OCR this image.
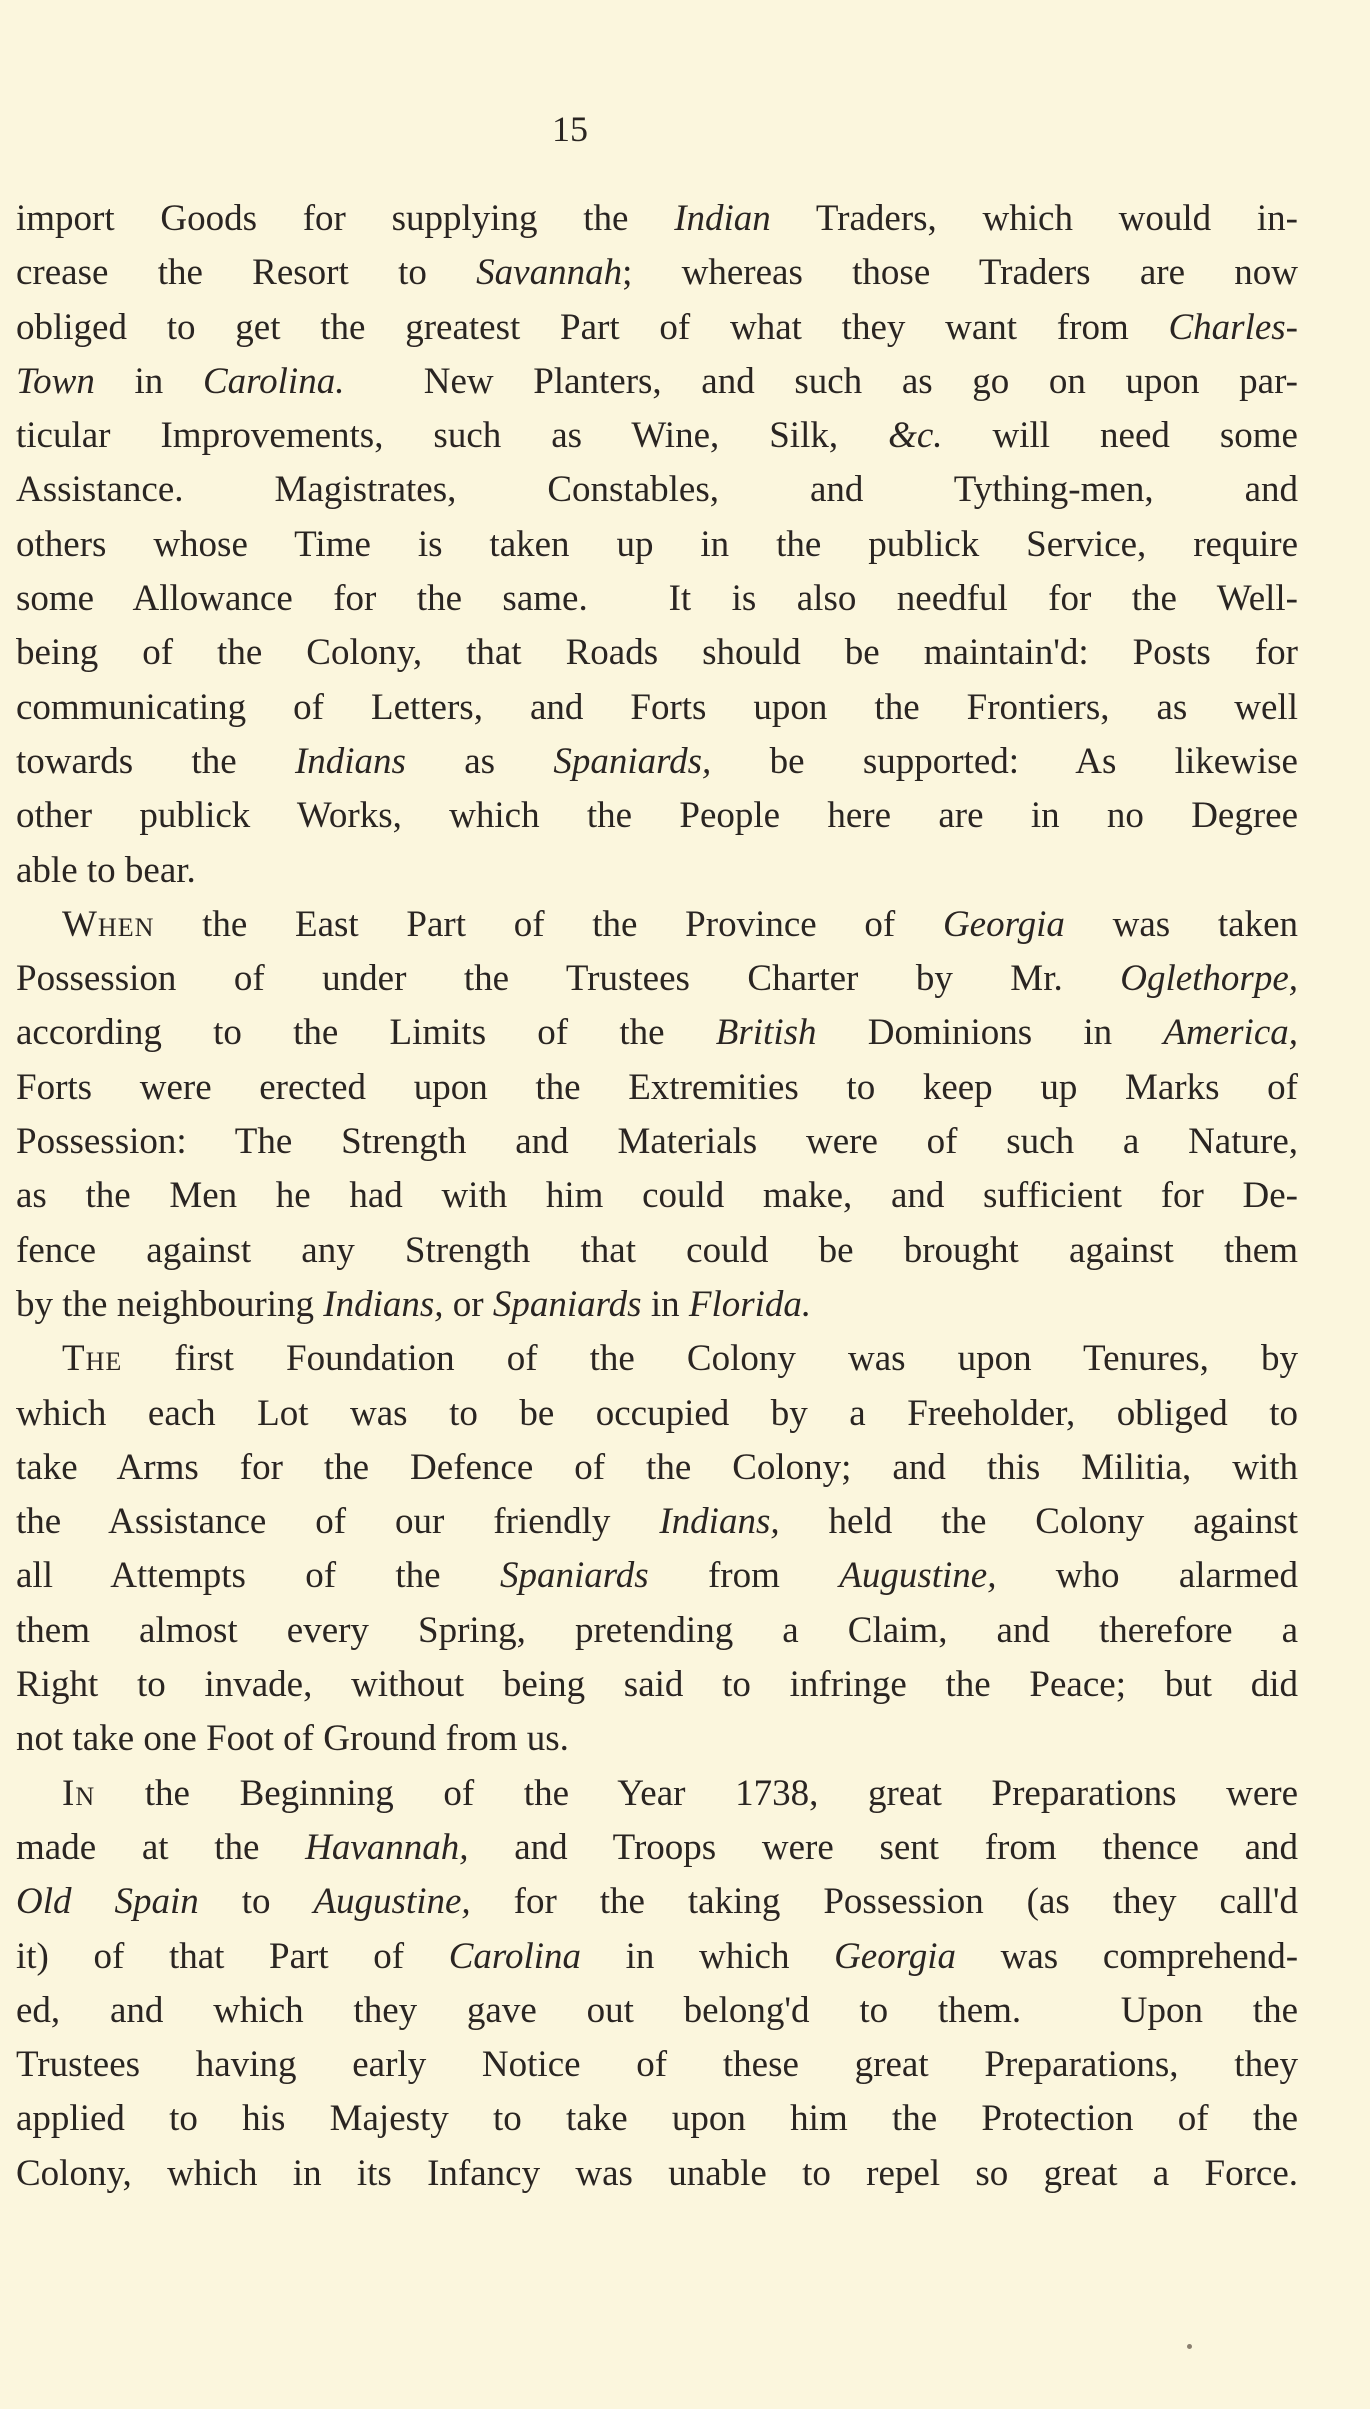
15
import Goods for supplying the Indian Traders, which would in-
crease the Resort to Savannah; whereas those Traders are now
obliged to get the greatest Part of what they want from Charles-
Town in Carolina.  New Planters, and such as go on upon par-
ticular Improvements, such as Wine, Silk, &c. will need some
Assistance.  Magistrates,  Constables,  and  Tything-men,  and
others whose Time is taken up in the publick Service, require
some Allowance for the same.  It is also needful for the Well-
being of the Colony, that Roads should be maintain'd: Posts for
communicating of Letters, and Forts upon the Frontiers, as well
towards the Indians as Spaniards, be supported: As likewise
other publick Works, which the People here are in no Degree
able to bear.
When the East Part of the Province of Georgia was taken
Possession of under the Trustees Charter by Mr. Oglethorpe,
according to the Limits of the British Dominions in America,
Forts were erected upon the Extremities to keep up Marks of
Possession: The Strength and Materials were of such a Nature,
as the Men he had with him could make, and sufficient for De-
fence against any Strength that could be brought against them
by the neighbouring Indians, or Spaniards in Florida.
The first Foundation of the Colony was upon Tenures, by
which each Lot was to be occupied by a Freeholder, obliged to
take Arms for the Defence of the Colony; and this Militia, with
the Assistance of our friendly Indians, held the Colony against
all Attempts of the Spaniards from Augustine, who alarmed
them almost every Spring, pretending a Claim, and therefore a
Right to invade, without being said to infringe the Peace; but did
not take one Foot of Ground from us.
In the Beginning of the Year 1738, great Preparations were
made at the Havannah, and Troops were sent from thence and
Old Spain to Augustine, for the taking Possession (as they call'd
it) of that Part of Carolina in which Georgia was comprehend-
ed, and which they gave out belong'd to them.  Upon the
Trustees having early Notice of these great Preparations, they
applied to his Majesty to take upon him the Protection of the
Colony, which in its Infancy was unable to repel so great a Force.
